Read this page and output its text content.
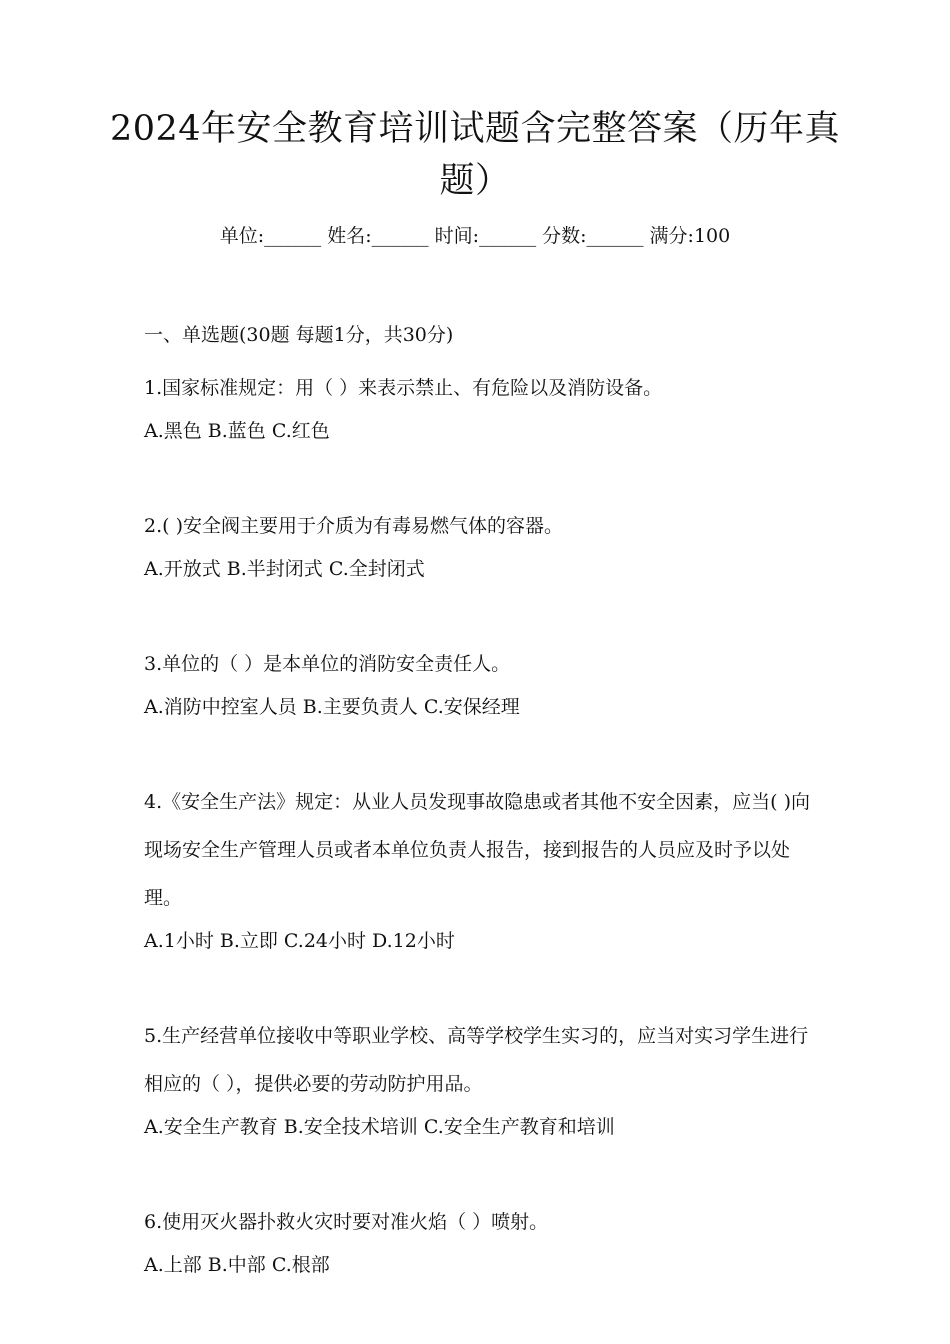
2024年安全教育培训试题含完整答案（历年真题）
单位:______ 姓名:______ 时间:______ 分数:______ 满分:100
一、单选题(30题 每题1分，共30分)
1.国家标准规定：用（ ）来表示禁止、有危险以及消防设备。
A.黑色 B.蓝色 C.红色
2.( )安全阀主要用于介质为有毒易燃气体的容器。
A.开放式 B.半封闭式 C.全封闭式
3.单位的（ ）是本单位的消防安全责任人。
A.消防中控室人员 B.主要负责人 C.安保经理
4.《安全生产法》规定：从业人员发现事故隐患或者其他不安全因素，应当( )向现场安全生产管理人员或者本单位负责人报告，接到报告的人员应及时予以处理。
A.1小时 B.立即 C.24小时 D.12小时
5.生产经营单位接收中等职业学校、高等学校学生实习的，应当对实习学生进行相应的（ ），提供必要的劳动防护用品。
A.安全生产教育 B.安全技术培训 C.安全生产教育和培训
6.使用灭火器扑救火灾时要对准火焰（ ）喷射。
A.上部 B.中部 C.根部
